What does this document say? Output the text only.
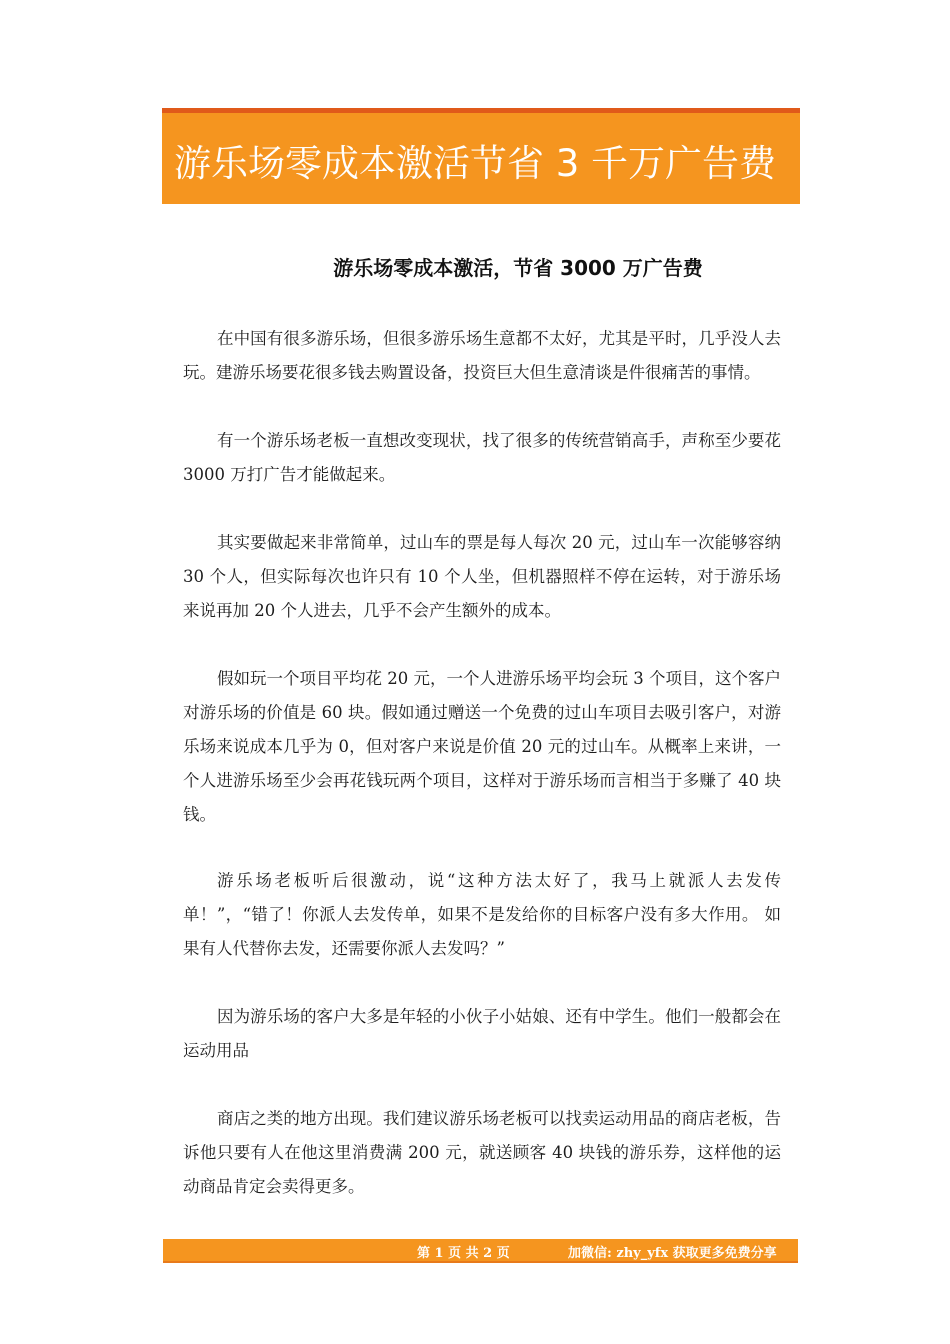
游乐场零成本激活节省 3 千万广告费
游乐场零成本激活，节省 3000 万广告费

在中国有很多游乐场，但很多游乐场生意都不太好，尤其是平时，几乎没人去玩。建游乐场要花很多钱去购置设备，投资巨大但生意清谈是件很痛苦的事情。

有一个游乐场老板一直想改变现状，找了很多的传统营销高手，声称至少要花 3000 万打广告才能做起来。

其实要做起来非常简单，过山车的票是每人每次 20 元，过山车一次能够容纳 30 个人，但实际每次也许只有 10 个人坐，但机器照样不停在运转，对于游乐场来说再加 20 个人进去，几乎不会产生额外的成本。

假如玩一个项目平均花 20 元，一个人进游乐场平均会玩 3 个项目，这个客户对游乐场的价值是 60 块。假如通过赠送一个免费的过山车项目去吸引客户，对游乐场来说成本几乎为 0，但对客户来说是价值 20 元的过山车。从概率上来讲，一个人进游乐场至少会再花钱玩两个项目，这样对于游乐场而言相当于多赚了 40 块钱。

游乐场老板听后很激动，说“这种方法太好了，我马上就派人去发传单！”，“错了！你派人去发传单，如果不是发给你的目标客户没有多大作用。 如果有人代替你去发，还需要你派人去发吗？”

因为游乐场的客户大多是年轻的小伙子小姑娘、还有中学生。他们一般都会在运动用品

商店之类的地方出现。我们建议游乐场老板可以找卖运动用品的商店老板，告诉他只要有人在他这里消费满 200 元，就送顾客 40 块钱的游乐券，这样他的运动商品肯定会卖得更多。

第 1 页 共 2 页	加微信: zhy_yfx 获取更多免费分享
